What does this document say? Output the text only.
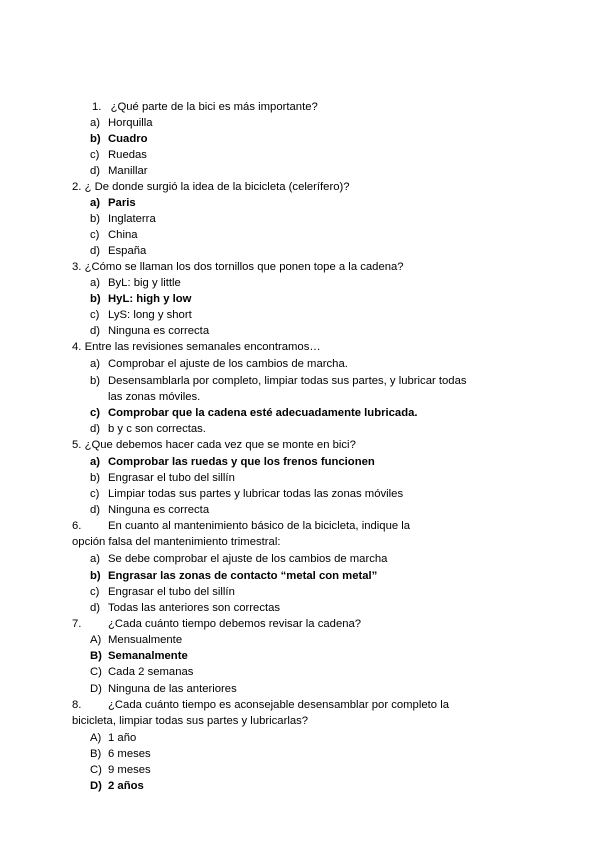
1. ¿Qué parte de la bici es más importante?
a) Horquilla
b) Cuadro
c) Ruedas
d) Manillar
2. ¿ De donde surgió la idea de la bicicleta (celerífero)?
a) Paris
b) Inglaterra
c) China
d) España
3. ¿Cómo se llaman los dos tornillos que ponen tope a la cadena?
a) ByL: big y little
b) HyL: high y low
c) LyS: long y short
d) Ninguna es correcta
4. Entre las revisiones semanales encontramos…
a) Comprobar el ajuste de los cambios de marcha.
b) Desensamblarla por completo, limpiar todas sus partes, y lubricar todas
las zonas móviles.
c) Comprobar que la cadena esté adecuadamente lubricada.
d) b y c son correctas.
5. ¿Que debemos hacer cada vez que se monte en bici?
a) Comprobar las ruedas y que los frenos funcionen
b) Engrasar el tubo del sillín
c) Limpiar todas sus partes y lubricar todas las zonas móviles
d) Ninguna es correcta
6. En cuanto al mantenimiento básico de la bicicleta, indique la
opción falsa del mantenimiento trimestral:
a) Se debe comprobar el ajuste de los cambios de marcha
b) Engrasar las zonas de contacto “metal con metal”
c) Engrasar el tubo del sillín
d) Todas las anteriores son correctas
7. ¿Cada cuánto tiempo debemos revisar la cadena?
A) Mensualmente
B) Semanalmente
C) Cada 2 semanas
D) Ninguna de las anteriores
8. ¿Cada cuánto tiempo es aconsejable desensamblar por completo la
bicicleta, limpiar todas sus partes y lubricarlas?
A) 1 año
B) 6 meses
C) 9 meses
D) 2 años
